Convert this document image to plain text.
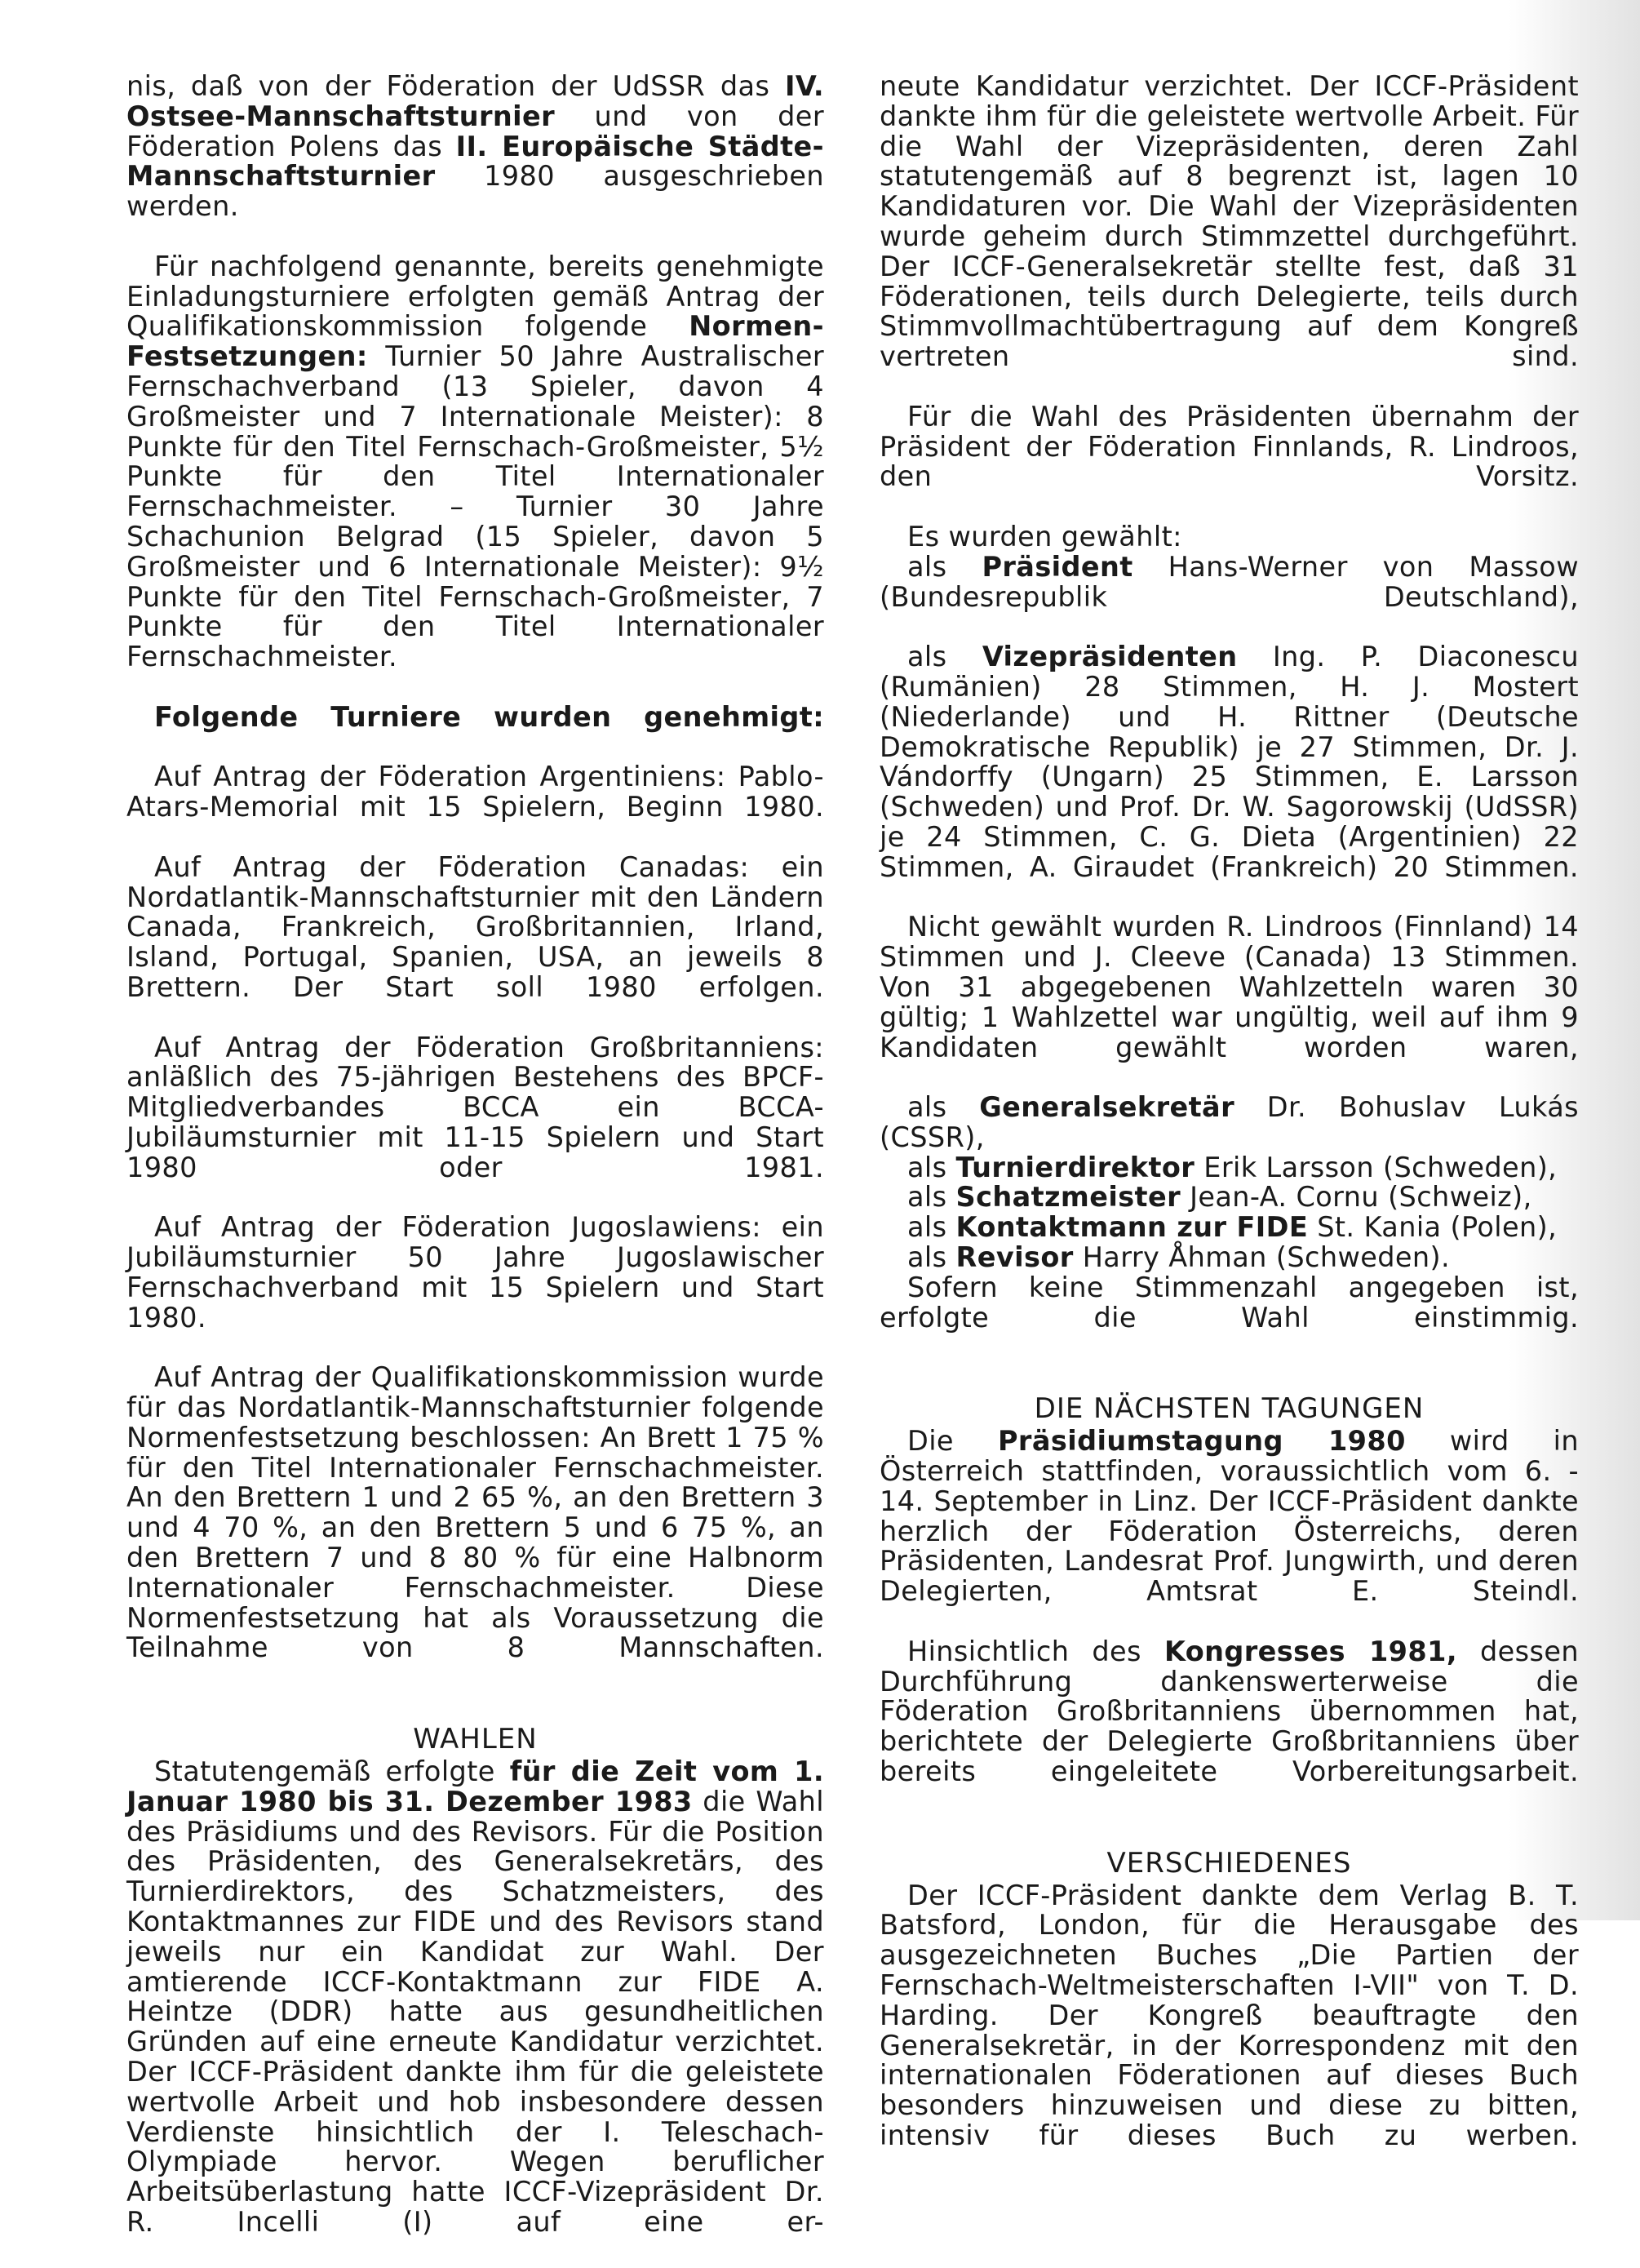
nis, daß von der Föderation der UdSSR das IV. Ostsee-Mannschaftsturnier und von der Föderation Polens das II. Europäische Städte-Mannschaftsturnier 1980 ausgeschrieben werden.

Für nachfolgend genannte, bereits genehmigte Einladungsturniere erfolgten gemäß Antrag der Qualifikationskommission folgende Normen-Festsetzungen: Turnier 50 Jahre Australischer Fernschachverband (13 Spieler, davon 4 Großmeister und 7 Internationale Meister): 8 Punkte für den Titel Fernschach-Großmeister, 5½ Punkte für den Titel Internationaler Fernschachmeister. – Turnier 30 Jahre Schachunion Belgrad (15 Spieler, davon 5 Großmeister und 6 Internationale Meister): 9½ Punkte für den Titel Fernschach-Großmeister, 7 Punkte für den Titel Internationaler Fernschachmeister.

Folgende Turniere wurden genehmigt:

Auf Antrag der Föderation Argentiniens: Pablo-Atars-Memorial mit 15 Spielern, Beginn 1980.

Auf Antrag der Föderation Canadas: ein Nordatlantik-Mannschaftsturnier mit den Ländern Canada, Frankreich, Großbritannien, Irland, Island, Portugal, Spanien, USA, an jeweils 8 Brettern. Der Start soll 1980 erfolgen.

Auf Antrag der Föderation Großbritanniens: anläßlich des 75-jährigen Bestehens des BPCF-Mitgliedverbandes BCCA ein BCCA-Jubiläumsturnier mit 11-15 Spielern und Start 1980 oder 1981.

Auf Antrag der Föderation Jugoslawiens: ein Jubiläumsturnier 50 Jahre Jugoslawischer Fernschachverband mit 15 Spielern und Start 1980.

Auf Antrag der Qualifikationskommission wurde für das Nordatlantik-Mannschaftsturnier folgende Normenfestsetzung beschlossen: An Brett 1 75 % für den Titel Internationaler Fernschachmeister. An den Brettern 1 und 2 65 %, an den Brettern 3 und 4 70 %, an den Brettern 5 und 6 75 %, an den Brettern 7 und 8 80 % für eine Halbnorm Internationaler Fernschachmeister. Diese Normenfestsetzung hat als Voraussetzung die Teilnahme von 8 Mannschaften.

WAHLEN

Statutengemäß erfolgte für die Zeit vom 1. Januar 1980 bis 31. Dezember 1983 die Wahl des Präsidiums und des Revisors. Für die Position des Präsidenten, des Generalsekretärs, des Turnierdirektors, des Schatzmeisters, des Kontaktmannes zur FIDE und des Revisors stand jeweils nur ein Kandidat zur Wahl. Der amtierende ICCF-Kontaktmann zur FIDE A. Heintze (DDR) hatte aus gesundheitlichen Gründen auf eine erneute Kandidatur verzichtet. Der ICCF-Präsident dankte ihm für die geleistete wertvolle Arbeit und hob insbesondere dessen Verdienste hinsichtlich der I. Teleschach-Olympiade hervor. Wegen beruflicher Arbeitsüberlastung hatte ICCF-Vizepräsident Dr. R. Incelli (I) auf eine er-

neute Kandidatur verzichtet. Der ICCF-Präsident dankte ihm für die geleistete wertvolle Arbeit. Für die Wahl der Vizepräsidenten, deren Zahl statutengemäß auf 8 begrenzt ist, lagen 10 Kandidaturen vor. Die Wahl der Vizepräsidenten wurde geheim durch Stimmzettel durchgeführt. Der ICCF-Generalsekretär stellte fest, daß 31 Föderationen, teils durch Delegierte, teils durch Stimmvollmachtübertragung auf dem Kongreß vertreten sind.

Für die Wahl des Präsidenten übernahm der Präsident der Föderation Finnlands, R. Lindroos, den Vorsitz.

Es wurden gewählt:

als Präsident Hans-Werner von Massow (Bundesrepublik Deutschland),

als Vizepräsidenten Ing. P. Diaconescu (Rumänien) 28 Stimmen, H. J. Mostert (Niederlande) und H. Rittner (Deutsche Demokratische Republik) je 27 Stimmen, Dr. J. Vándorffy (Ungarn) 25 Stimmen, E. Larsson (Schweden) und Prof. Dr. W. Sagorowskij (UdSSR) je 24 Stimmen, C. G. Dieta (Argentinien) 22 Stimmen, A. Giraudet (Frankreich) 20 Stimmen.

Nicht gewählt wurden R. Lindroos (Finnland) 14 Stimmen und J. Cleeve (Canada) 13 Stimmen. Von 31 abgegebenen Wahlzetteln waren 30 gültig; 1 Wahlzettel war ungültig, weil auf ihm 9 Kandidaten gewählt worden waren,

als Generalsekretär Dr. Bohuslav Lukás (CSSR),

als Turnierdirektor Erik Larsson (Schweden),

als Schatzmeister Jean-A. Cornu (Schweiz),

als Kontaktmann zur FIDE St. Kania (Polen),

als Revisor Harry Åhman (Schweden).

Sofern keine Stimmenzahl angegeben ist, erfolgte die Wahl einstimmig.

DIE NÄCHSTEN TAGUNGEN

Die Präsidiumstagung 1980 wird in Österreich stattfinden, voraussichtlich vom 6. - 14. September in Linz. Der ICCF-Präsident dankte herzlich der Föderation Österreichs, deren Präsidenten, Landesrat Prof. Jungwirth, und deren Delegierten, Amtsrat E. Steindl.

Hinsichtlich des Kongresses 1981, dessen Durchführung dankenswerterweise die Föderation Großbritanniens übernommen hat, berichtete der Delegierte Großbritanniens über bereits eingeleitete Vorbereitungsarbeit.

VERSCHIEDENES

Der ICCF-Präsident dankte dem Verlag B. T. Batsford, London, für die Herausgabe des ausgezeichneten Buches „Die Partien der Fernschach-Weltmeisterschaften I-VII" von T. D. Harding. Der Kongreß beauftragte den Generalsekretär, in der Korrespondenz mit den internationalen Föderationen auf dieses Buch besonders hinzuweisen und diese zu bitten, intensiv für dieses Buch zu werben.
